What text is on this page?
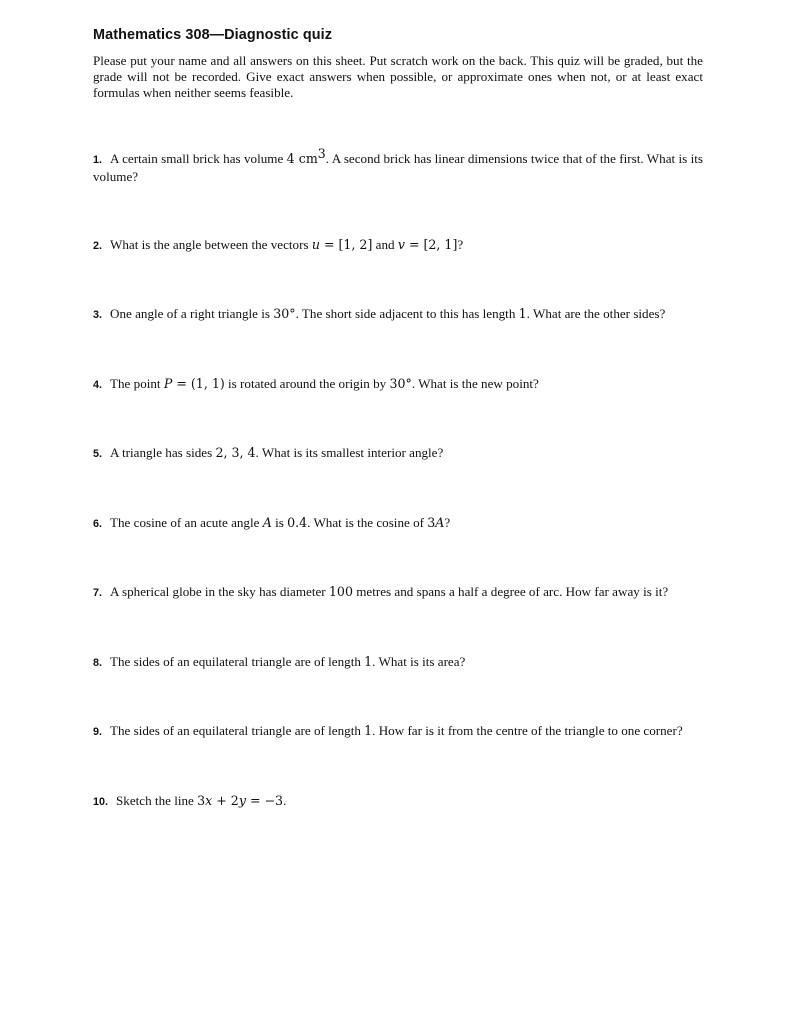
Mathematics 308—Diagnostic quiz
Please put your name and all answers on this sheet. Put scratch work on the back. This quiz will be graded, but the grade will not be recorded. Give exact answers when possible, or approximate ones when not, or at least exact formulas when neither seems feasible.
1. A certain small brick has volume 4 $cm^3$. A second brick has linear dimensions twice that of the first. What is its volume?
2. What is the angle between the vectors u = [1, 2] and v = [2, 1]?
3. One angle of a right triangle is 30°. The short side adjacent to this has length 1. What are the other sides?
4. The point P = (1, 1) is rotated around the origin by 30°. What is the new point?
5. A triangle has sides 2, 3, 4. What is its smallest interior angle?
6. The cosine of an acute angle A is 0.4. What is the cosine of 3A?
7. A spherical globe in the sky has diameter 100 metres and spans a half a degree of arc. How far away is it?
8. The sides of an equilateral triangle are of length 1. What is its area?
9. The sides of an equilateral triangle are of length 1. How far is it from the centre of the triangle to one corner?
10. Sketch the line 3x + 2y = −3.
